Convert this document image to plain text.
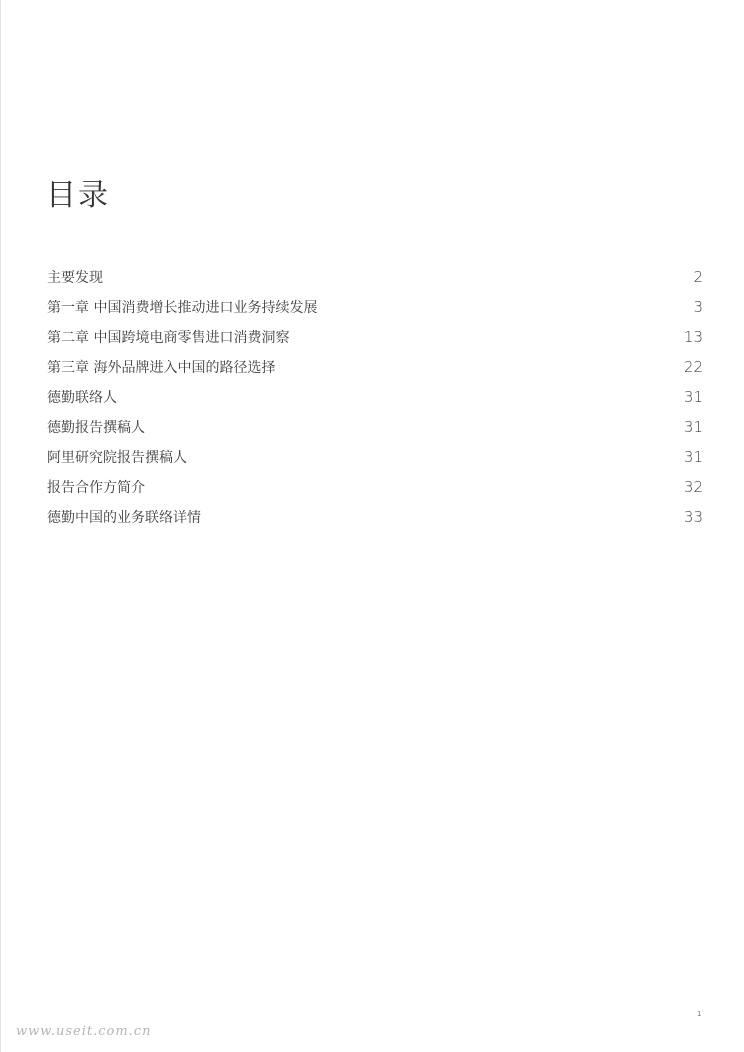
目录
主要发现	2
第一章 中国消费增长推动进口业务持续发展	3
第二章 中国跨境电商零售进口消费洞察	13
第三章 海外品牌进入中国的路径选择	22
德勤联络人	31
德勤报告撰稿人	31
阿里研究院报告撰稿人	31
报告合作方简介	32
德勤中国的业务联络详情	33
1
www.useit.com.cn
